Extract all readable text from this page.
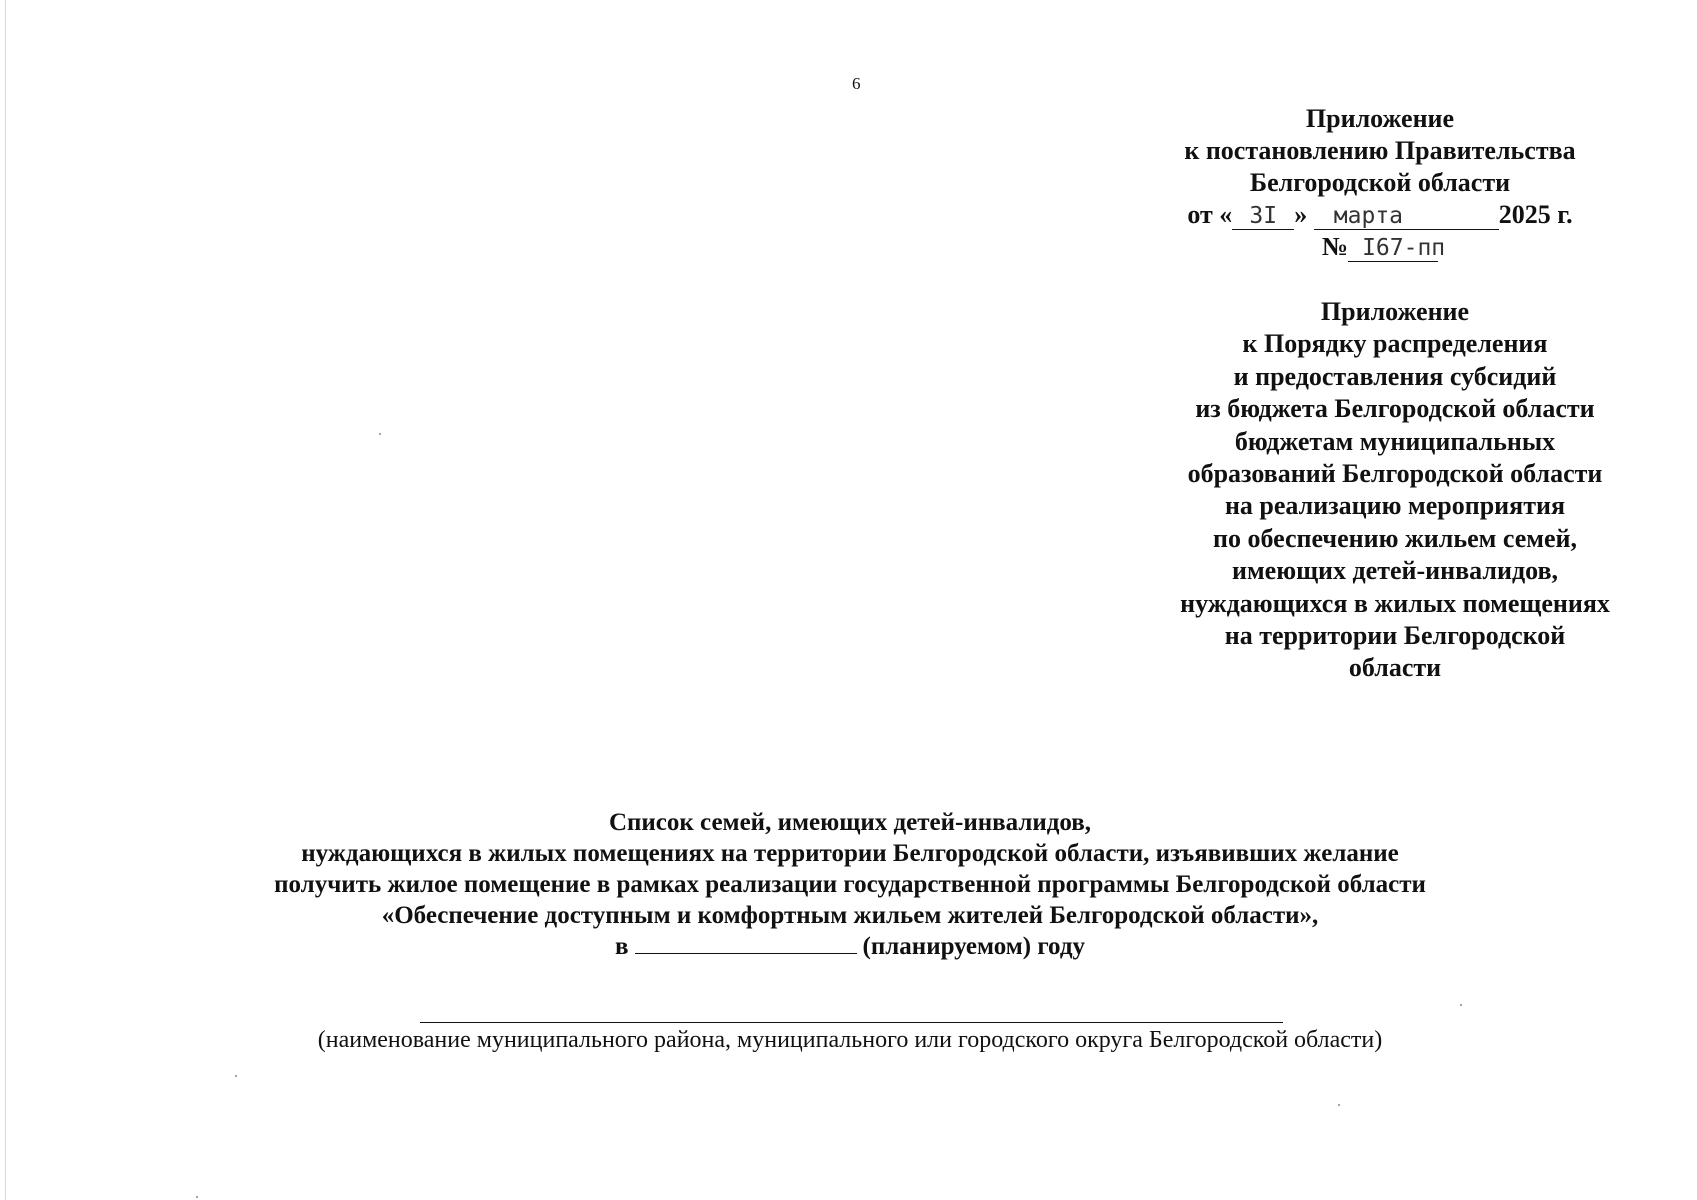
6
Приложение
к постановлению Правительства
Белгородской области
от « 3I » марта	2025 г.
№ I67-пп
Приложение
к Порядку распределения
и предоставления субсидий
из бюджета Белгородской области
бюджетам муниципальных
образований Белгородской области
на реализацию мероприятия
по обеспечению жильем семей,
имеющих детей-инвалидов,
нуждающихся в жилых помещениях
на территории Белгородской
области
Список семей, имеющих детей-инвалидов,
нуждающихся в жилых помещениях на территории Белгородской области, изъявивших желание
получить жилое помещение в рамках реализации государственной программы Белгородской области
«Обеспечение доступным и комфортным жильем жителей Белгородской области»,
в	(планируемом) году
(наименование муниципального района, муниципального или городского округа Белгородской области)
